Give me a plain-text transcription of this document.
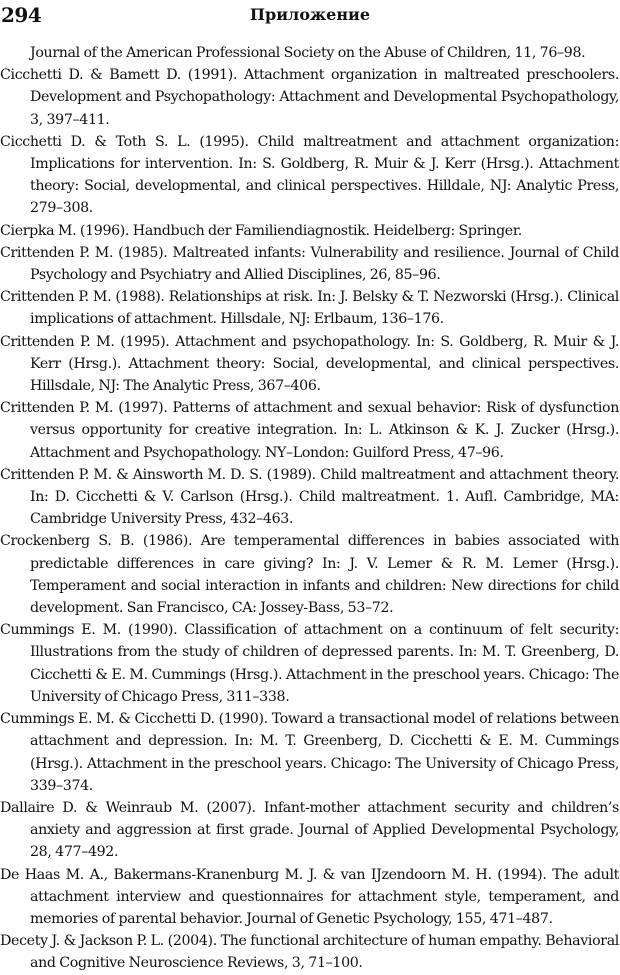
294	Приложение

Journal of the American Professional Society on the Abuse of Children, 11, 76–98.

Cicchetti D. & Bamett D. (1991). Attachment organization in maltreated preschoolers. Development and Psychopathology: Attachment and Developmental Psychopathology, 3, 397–411.

Cicchetti D. & Toth S. L. (1995). Child maltreatment and attachment organization: Implications for intervention. In: S. Goldberg, R. Muir & J. Kerr (Hrsg.). Attachment theory: Social, developmental, and clinical perspectives. Hilldale, NJ: Analytic Press, 279–308.

Cierpka M. (1996). Handbuch der Familiendiagnostik. Heidelberg: Springer.

Crittenden P. M. (1985). Maltreated infants: Vulnerability and resilience. Journal of Child Psychology and Psychiatry and Allied Disciplines, 26, 85–96.

Crittenden P. M. (1988). Relationships at risk. In: J. Belsky & T. Nezworski (Hrsg.). Clinical implications of attachment. Hillsdale, NJ: Erlbaum, 136–176.

Crittenden P. M. (1995). Attachment and psychopathology. In: S. Goldberg, R. Muir & J. Kerr (Hrsg.). Attachment theory: Social, developmental, and clinical perspectives. Hillsdale, NJ: The Analytic Press, 367–406.

Crittenden P. M. (1997). Patterns of attachment and sexual behavior: Risk of dysfunction versus opportunity for creative integration. In: L. Atkinson & K. J. Zucker (Hrsg.). Attachment and Psychopathology. NY–London: Guilford Press, 47–96.

Crittenden P. M. & Ainsworth M. D. S. (1989). Child maltreatment and attachment theory. In: D. Cicchetti & V. Carlson (Hrsg.). Child maltreatment. 1. Aufl. Cambridge, MA: Cambridge University Press, 432–463.

Crockenberg S. B. (1986). Are temperamental differences in babies associated with predictable differences in care giving? In: J. V. Lemer & R. M. Lemer (Hrsg.). Temperament and social interaction in infants and children: New directions for child development. San Francisco, CA: Jossey-Bass, 53–72.

Cummings E. M. (1990). Classification of attachment on a continuum of felt security: Illustrations from the study of children of depressed parents. In: M. T. Greenberg, D. Cicchetti & E. M. Cummings (Hrsg.). Attachment in the preschool years. Chicago: The University of Chicago Press, 311–338.

Cummings E. M. & Cicchetti D. (1990). Toward a transactional model of relations between attachment and depression. In: M. T. Greenberg, D. Cicchetti & E. M. Cummings (Hrsg.). Attachment in the preschool years. Chicago: The University of Chicago Press, 339–374.

Dallaire D. & Weinraub M. (2007). Infant-mother attachment security and children’s anxiety and aggression at first grade. Journal of Applied Developmental Psychology, 28, 477–492.

De Haas M. A., Bakermans-Kranenburg M. J. & van IJzendoorn M. H. (1994). The adult attachment interview and questionnaires for attachment style, temperament, and memories of parental behavior. Journal of Genetic Psychology, 155, 471–487.

Decety J. & Jackson P. L. (2004). The functional architecture of human empathy. Behavioral and Cognitive Neuroscience Reviews, 3, 71–100.
